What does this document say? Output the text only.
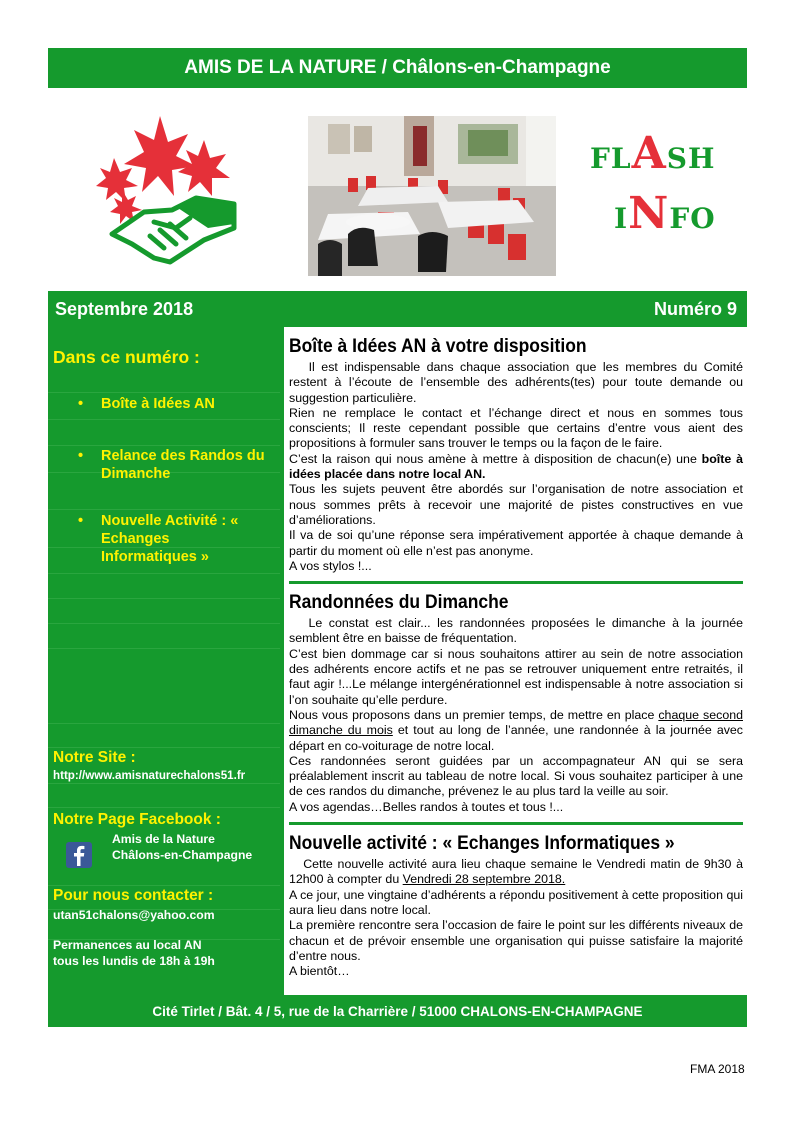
AMIS DE LA NATURE / Châlons-en-Champagne
FLASH
INFO
Septembre 2018	Numéro 9
Dans ce numéro :
• Boîte à Idées AN
• Relance des Randos du Dimanche
• Nouvelle Activité : « Echanges Informatiques »
Notre Site :
http://www.amisnaturechalons51.fr
Notre Page Facebook :
Amis de la Nature
Châlons-en-Champagne
Pour nous contacter :
utan51chalons@yahoo.com
Permanences au local AN
tous les lundis de 18h à 19h
Boîte à Idées AN à votre disposition

Il est indispensable dans chaque association que les membres du Comité restent à l’écoute de l’ensemble des adhérents(tes) pour toute demande ou suggestion particulière.

Rien ne remplace le contact et l’échange direct et nous en sommes tous conscients; Il reste cependant possible que certains d’entre vous aient des propositions à formuler sans trouver le temps ou la façon de le faire.

C’est la raison qui nous amène à mettre à disposition de chacun(e) une boîte à idées placée dans notre local AN.

Tous les sujets peuvent être abordés sur l’organisation de notre association et nous sommes prêts à recevoir une majorité de pistes constructives en vue d’améliorations.

Il va de soi qu’une réponse sera impérativement apportée à chaque demande à partir du moment où elle n’est pas anonyme.

A vos stylos !...

Randonnées du Dimanche

Le constat est clair... les randonnées proposées le dimanche à la journée semblent être en baisse de fréquentation.

C’est bien dommage car si nous souhaitons attirer au sein de notre association des adhérents encore actifs et ne pas se retrouver uniquement entre retraités, il faut agir !...Le mélange intergénérationnel est indispensable à notre association si l’on souhaite qu’elle perdure.

Nous vous proposons dans un premier temps, de mettre en place chaque second dimanche du mois et tout au long de l’année, une randonnée à la journée avec départ en co-voiturage de notre local.

Ces randonnées seront guidées par un accompagnateur AN qui se sera préalablement inscrit au tableau de notre local. Si vous souhaitez participer à une de ces randos du dimanche, prévenez le au plus tard la veille au soir.

A vos agendas…Belles randos à toutes et tous !...

Nouvelle activité : « Echanges Informatiques »

Cette nouvelle activité aura lieu chaque semaine le Vendredi matin de 9h30 à 12h00 à compter du Vendredi 28 septembre 2018.

A ce jour, une vingtaine d’adhérents a répondu positivement à cette proposition qui aura lieu dans notre local.

La première rencontre sera l’occasion de faire le point sur les différents niveaux de chacun et de prévoir ensemble une organisation qui puisse satisfaire la majorité d’entre nous.

A bientôt…

Cité Tirlet / Bât. 4 / 5, rue de la Charrière / 51000 CHALONS-EN-CHAMPAGNE
FMA 2018
